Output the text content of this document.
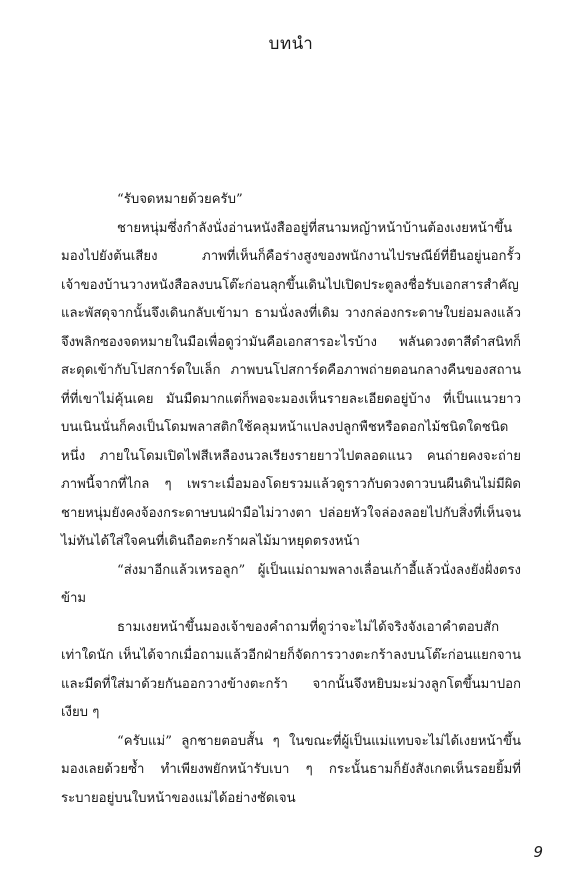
บทนำ

“รับจดหมายด้วยครับ”

ชายหนุ่มซึ่งกำลังนั่งอ่านหนังสืออยู่ที่สนามหญ้าหน้าบ้านต้องเงยหน้าขึ้นมองไปยังต้นเสียง ภาพที่เห็นก็คือร่างสูงของพนักงานไปรษณีย์ที่ยืนอยู่นอกรั้วเจ้าของบ้านวางหนังสือลงบนโต๊ะก่อนลุกขึ้นเดินไปเปิดประตูลงชื่อรับเอกสารสำคัญและพัสดุจากนั้นจึงเดินกลับเข้ามา ธามนั่งลงที่เดิม วางกล่องกระดาษใบย่อมลงแล้วจึงพลิกซองจดหมายในมือเพื่อดูว่ามันคือเอกสารอะไรบ้าง พลันดวงตาสีดำสนิทก็สะดุดเข้ากับโปสการ์ดใบเล็ก ภาพบนโปสการ์ดคือภาพถ่ายตอนกลางคืนของสถานที่ที่เขาไม่คุ้นเคย มันมืดมากแต่ก็พอจะมองเห็นรายละเอียดอยู่บ้าง ที่เป็นแนวยาวบนเนินนั่นก็คงเป็นโดมพลาสติกใช้คลุมหน้าแปลงปลูกพืชหรือดอกไม้ชนิดใดชนิดหนึ่ง ภายในโดมเปิดไฟสีเหลืองนวลเรียงรายยาวไปตลอดแนว คนถ่ายคงจะถ่ายภาพนี้จากที่ไกล ๆ เพราะเมื่อมองโดยรวมแล้วดูราวกับดวงดาวบนผืนดินไม่มีผิด ชายหนุ่มยังคงจ้องกระดาษบนฝ่ามือไม่วางตา ปล่อยหัวใจล่องลอยไปกับสิ่งที่เห็นจนไม่ทันได้ใส่ใจคนที่เดินถือตะกร้าผลไม้มาหยุดตรงหน้า

“ส่งมาอีกแล้วเหรอลูก” ผู้เป็นแม่ถามพลางเลื่อนเก้าอี้แล้วนั่งลงยังฝั่งตรงข้าม

ธามเงยหน้าขึ้นมองเจ้าของคำถามที่ดูว่าจะไม่ได้จริงจังเอาคำตอบสักเท่าใดนัก เห็นได้จากเมื่อถามแล้วอีกฝ่ายก็จัดการวางตะกร้าลงบนโต๊ะก่อนแยกจานและมีดที่ใส่มาด้วยกันออกวางข้างตะกร้า จากนั้นจึงหยิบมะม่วงลูกโตขึ้นมาปอกเงียบ ๆ

“ครับแม่” ลูกชายตอบสั้น ๆ ในขณะที่ผู้เป็นแม่แทบจะไม่ได้เงยหน้าขึ้นมองเลยด้วยซ้ำ ทำเพียงพยักหน้ารับเบา ๆ กระนั้นธามก็ยังสังเกตเห็นรอยยิ้มที่ระบายอยู่บนใบหน้าของแม่ได้อย่างชัดเจน

9
